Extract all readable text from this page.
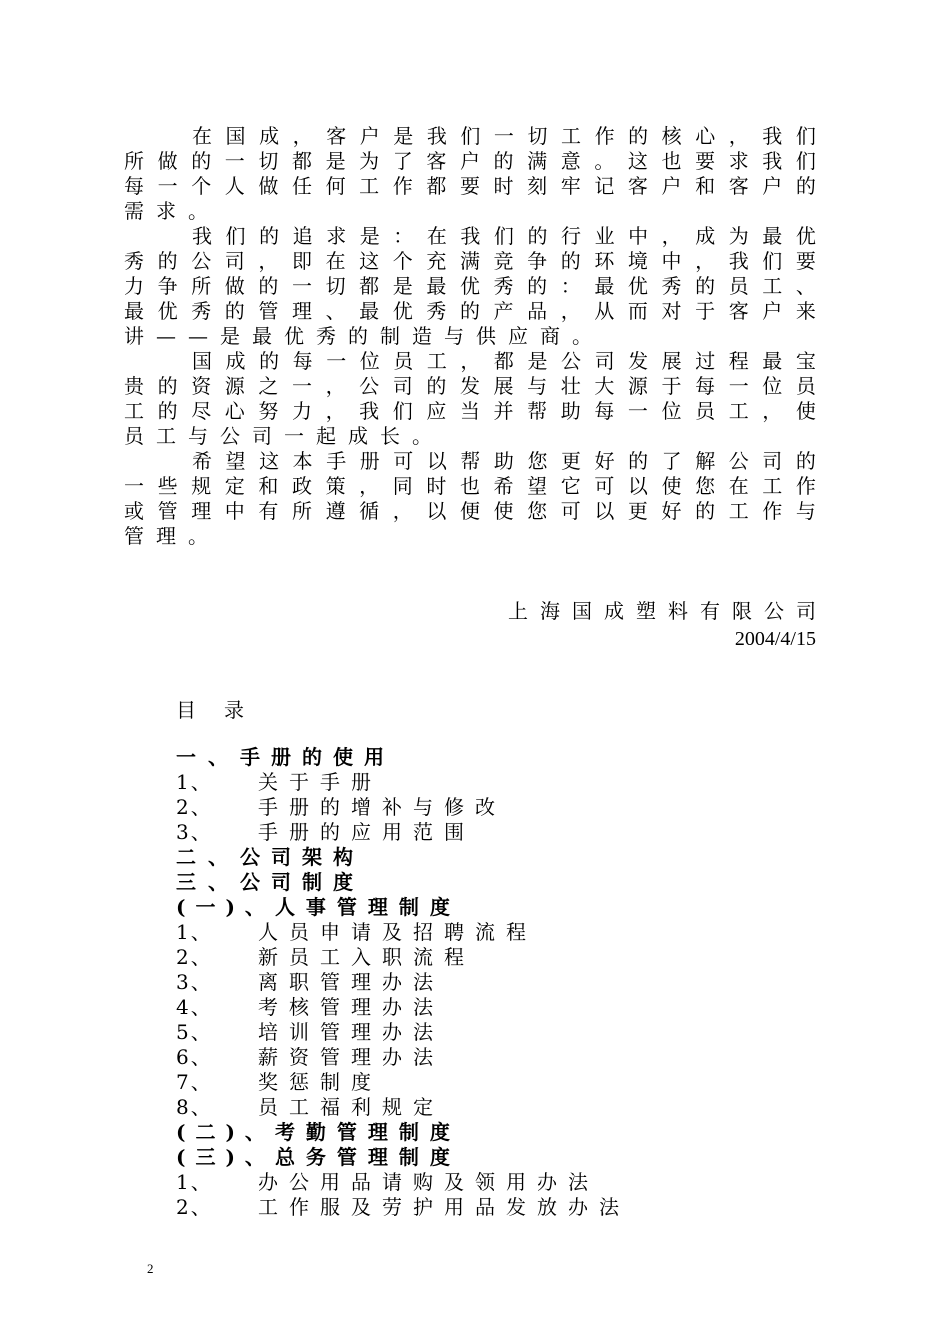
在 国 成 ， 客 户 是 我 们 一 切 工 作 的 核 心 ， 我 们
所 做 的 一 切 都 是 为 了 客 户 的 满 意 。 这 也 要 求 我 们
每 一 个 人 做 任 何 工 作 都 要 时 刻 牢 记 客 户 和 客 户 的
需 求 。
我 们 的 追 求 是 ： 在 我 们 的 行 业 中 ， 成 为 最 优
秀 的 公 司 ， 即 在 这 个 充 满 竞 争 的 环 境 中 ， 我 们 要
力 争 所 做 的 一 切 都 是 最 优 秀 的 ： 最 优 秀 的 员 工 、
最 优 秀 的 管 理 、 最 优 秀 的 产 品 ， 从 而 对 于 客 户 来
讲 — — 是 最 优 秀 的 制 造 与 供 应 商 。
国 成 的 每 一 位 员 工 ， 都 是 公 司 发 展 过 程 最 宝
贵 的 资 源 之 一 ， 公 司 的 发 展 与 壮 大 源 于 每 一 位 员
工 的 尽 心 努 力 ， 我 们 应 当 并 帮 助 每 一 位 员 工 ， 使
员 工 与 公 司 一 起 成 长 。
希 望 这 本 手 册 可 以 帮 助 您 更 好 的 了 解 公 司 的
一 些 规 定 和 政 策 ， 同 时 也 希 望 它 可 以 使 您 在 工 作
或 管 理 中 有 所 遵 循 ， 以 便 使 您 可 以 更 好 的 工 作 与
管 理 。
上海国成塑料有限公司
2004/4/15
目 录
一、手册的使用
1、 关于手册
2、 手册的增补与修改
3、 手册的应用范围
二、公司架构
三、公司制度
(一)、人事管理制度
1、 人员申请及招聘流程
2、 新员工入职流程
3、 离职管理办法
4、 考核管理办法
5、 培训管理办法
6、 薪资管理办法
7、 奖惩制度
8、 员工福利规定
(二)、考勤管理制度
(三)、总务管理制度
1、 办公用品请购及领用办法
2、 工作服及劳护用品发放办法
2
